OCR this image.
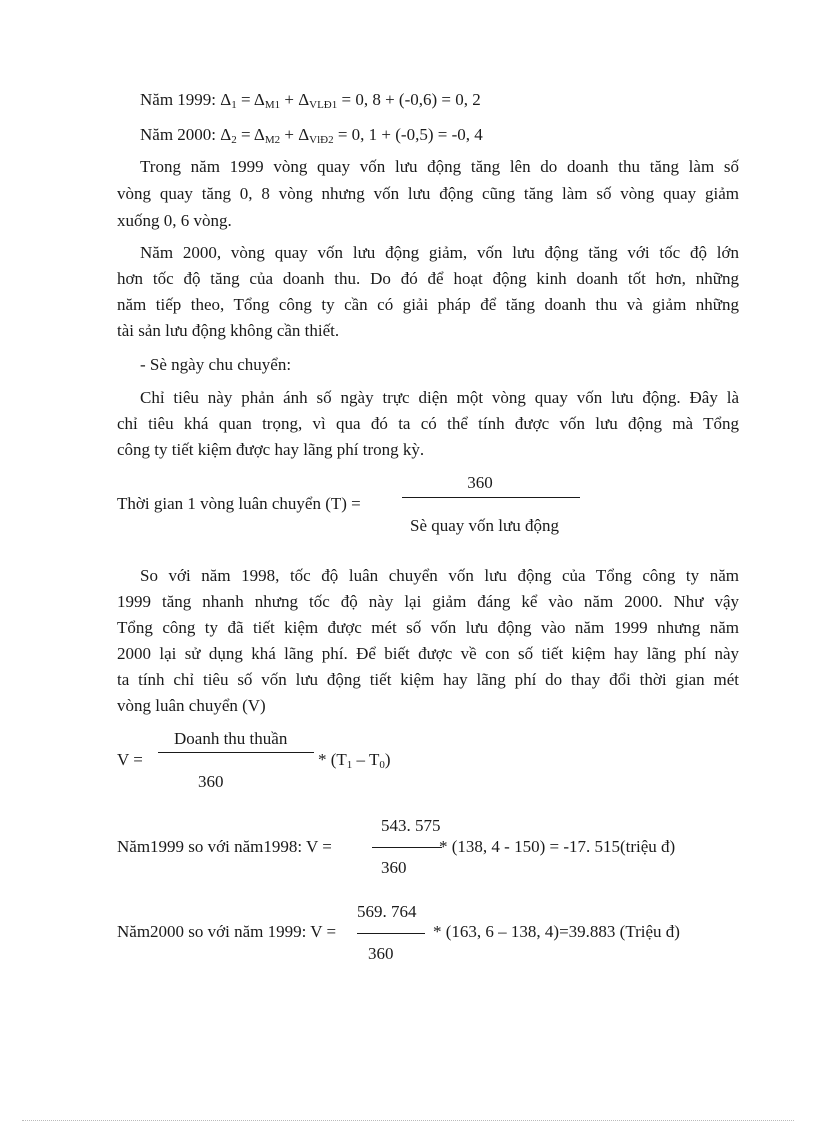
Năm 1999: $\Delta_1 = \Delta_{M1} + \Delta_{VLĐ1} = 0$, 8 + (-0,6) = 0, 2
Năm 2000: $\Delta_2 = \Delta_{M2} + \Delta_{VlĐ2} = 0$, 1 + (-0,5) = -0, 4
Trong năm 1999 vòng quay vốn lưu động tăng lên do doanh thu tăng làm số
vòng quay tăng 0, 8 vòng nhưng vốn lưu động cũng tăng làm số vòng quay giảm
xuống 0, 6 vòng.
Năm 2000, vòng quay vốn lưu động giảm, vốn lưu động tăng với tốc độ lớn
hơn tốc độ tăng của doanh thu. Do đó để hoạt động kinh doanh tốt hơn, những
năm tiếp theo, Tổng công ty cần có giải pháp để tăng doanh thu và giảm những
tài sản lưu động không cần thiết.
- Sè ngày chu chuyển:
Chỉ tiêu này phản ánh số ngày trực diện một vòng quay vốn lưu động. Đây là
chỉ tiêu khá quan trọng, vì qua đó ta có thể tính được vốn lưu động mà Tổng
công ty tiết kiệm được hay lãng phí trong kỳ.
360
Thời gian 1 vòng luân chuyển (T) =
Sè quay vốn lưu động
So với năm 1998, tốc độ luân chuyển vốn lưu động của Tổng công ty năm
1999 tăng nhanh nhưng tốc độ này lại giảm đáng kể vào năm 2000. Như vậy
Tổng công ty đã tiết kiệm được mét số vốn lưu động vào năm 1999 nhưng năm
2000 lại sử dụng khá lãng phí. Để biết được về con số tiết kiệm hay lãng phí này
ta tính chỉ tiêu số vốn lưu động tiết kiệm hay lãng phí do thay đổi thời gian mét
vòng luân chuyển (V)
Doanh thu thuần
V =	* $(T_1 - T_0)$
360
543. 575
Năm1999 so với năm1998: V =	* (138, 4 - 150) = -17. 515(triệu đ)
360
569. 764
Năm2000 so với năm 1999: V =	* (163, 6 – 138, 4)=39.883 (Triệu đ)
360
